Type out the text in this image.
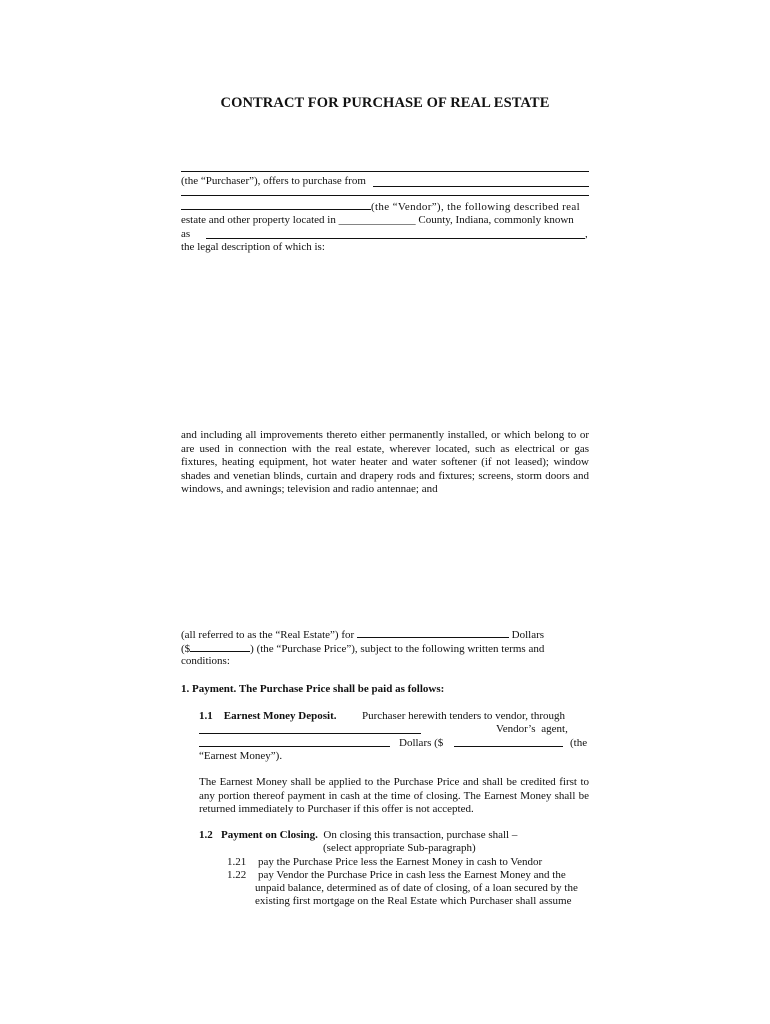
CONTRACT FOR PURCHASE OF REAL ESTATE
(the “Purchaser”), offers to purchase from
(the “Vendor”), the following described real
estate and other property located in ______________ County, Indiana, commonly known
as	,
the legal description of which is:
and including all improvements thereto either permanently installed, or which belong to or are used in connection with the real estate, wherever located, such as electrical or gas fixtures, heating equipment, hot water heater and water softener (if not leased); window shades and venetian blinds, curtain and drapery rods and fixtures; screens, storm doors and windows, and awnings; television and radio antennae; and
(all referred to as the “Real Estate”) for	Dollars
($	) (the “Purchase Price”), subject to the following written terms and
conditions:
1. Payment. The Purchase Price shall be paid as follows:
1.1 Earnest Money Deposit. Purchaser herewith tenders to vendor, through
Vendor’s agent,
Dollars ($	(the
“Earnest Money”).
The Earnest Money shall be applied to the Purchase Price and shall be credited first to any portion thereof payment in cash at the time of closing. The Earnest Money shall be returned immediately to Purchaser if this offer is not accepted.
1.2 Payment on Closing. On closing this transaction, purchase shall –
(select appropriate Sub-paragraph)
1.21 pay the Purchase Price less the Earnest Money in cash to Vendor
1.22 pay Vendor the Purchase Price in cash less the Earnest Money and the
unpaid balance, determined as of date of closing, of a loan secured by the
existing first mortgage on the Real Estate which Purchaser shall assume
